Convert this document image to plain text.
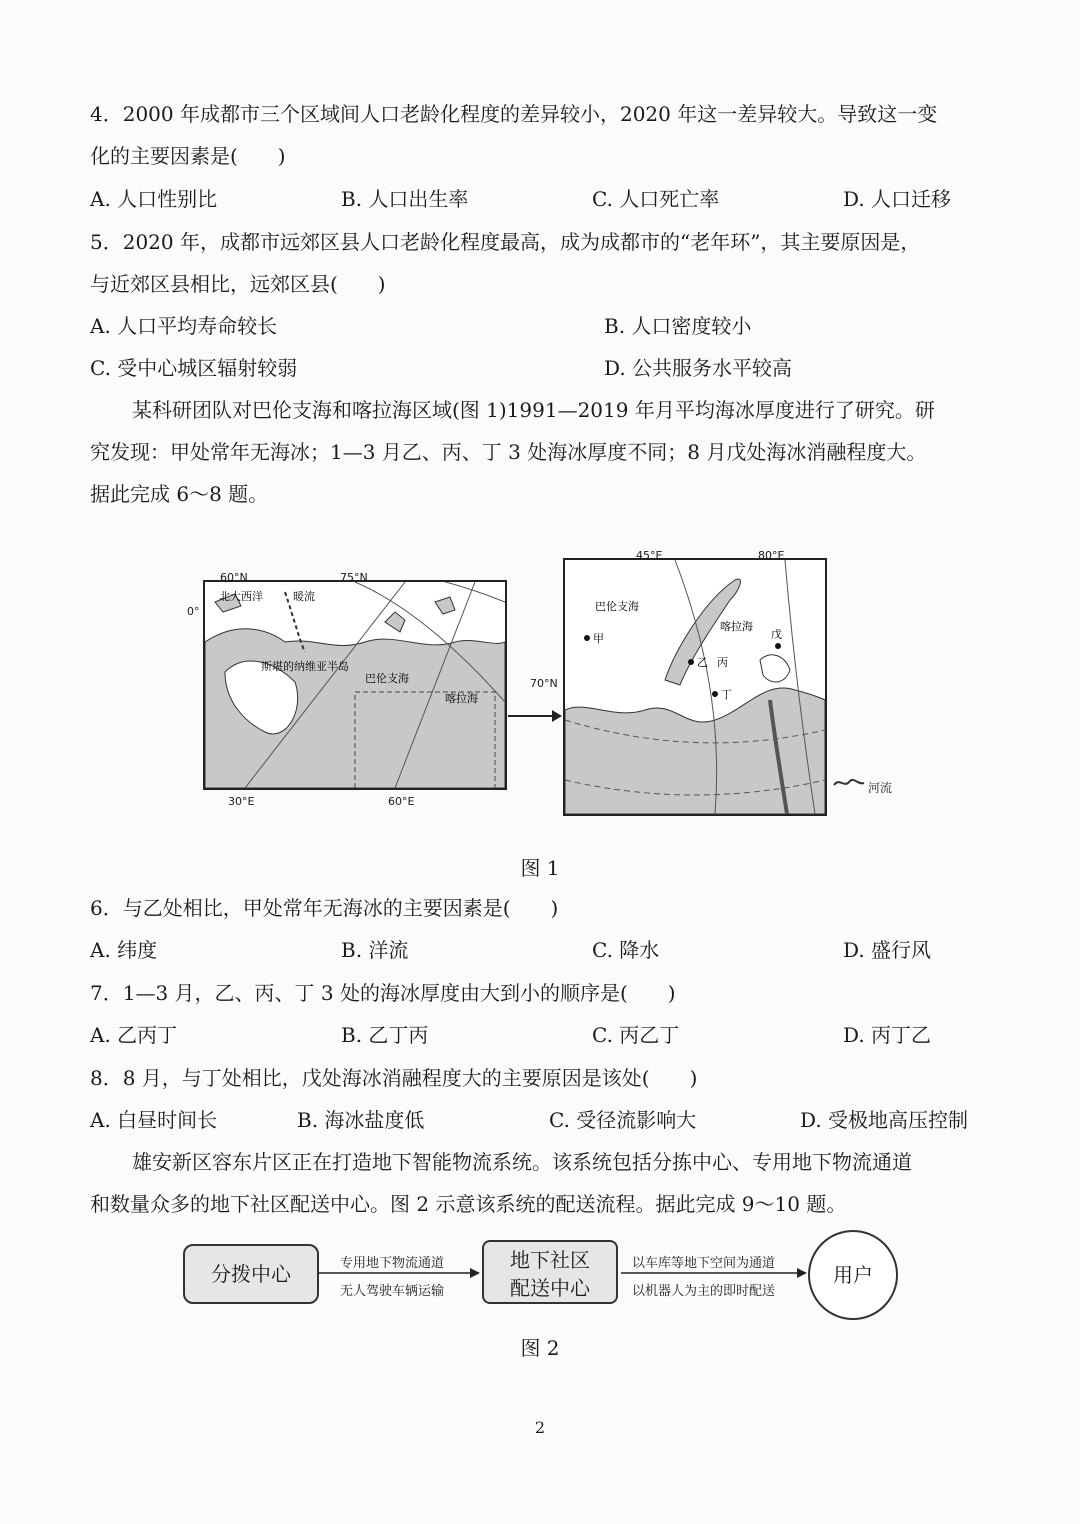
4．2000 年成都市三个区域间人口老龄化程度的差异较小，2020 年这一差异较大。导致这一变
化的主要因素是(　　)
A. 人口性别比	B. 人口出生率	C. 人口死亡率	D. 人口迁移
5．2020 年，成都市远郊区县人口老龄化程度最高，成为成都市的“老年环”，其主要原因是，
与近郊区县相比，远郊区县(　　)
A. 人口平均寿命较长	B. 人口密度较小
C. 受中心城区辐射较弱	D. 公共服务水平较高
某科研团队对巴伦支海和喀拉海区域(图 1)1991—2019 年月平均海冰厚度进行了研究。研
究发现：甲处常年无海冰；1—3 月乙、丙、丁 3 处海冰厚度不同；8 月戊处海冰消融程度大。
据此完成 6～8 题。
北大西洋	暖流
斯堪的纳维亚半岛
巴伦支海
喀拉海
60°N	75°N
0°
30°E	60°E
巴伦支海
喀拉海
甲
乙 丙
丁
戊
45°E	80°E
70°N
河流
图 1
6．与乙处相比，甲处常年无海冰的主要因素是(　　)
A. 纬度	B. 洋流	C. 降水	D. 盛行风
7．1—3 月，乙、丙、丁 3 处的海冰厚度由大到小的顺序是(　　)
A. 乙丙丁	B. 乙丁丙	C. 丙乙丁	D. 丙丁乙
8．8 月，与丁处相比，戊处海冰消融程度大的主要原因是该处(　　)
A. 白昼时间长	B. 海冰盐度低	C. 受径流影响大	D. 受极地高压控制
雄安新区容东片区正在打造地下智能物流系统。该系统包括分拣中心、专用地下物流通道
和数量众多的地下社区配送中心。图 2 示意该系统的配送流程。据此完成 9～10 题。
分拨中心	专用地下物流通道
无人驾驶车辆运输
地下社区
配送中心
以车库等地下空间为通道
以机器人为主的即时配送
用户
图 2
2
